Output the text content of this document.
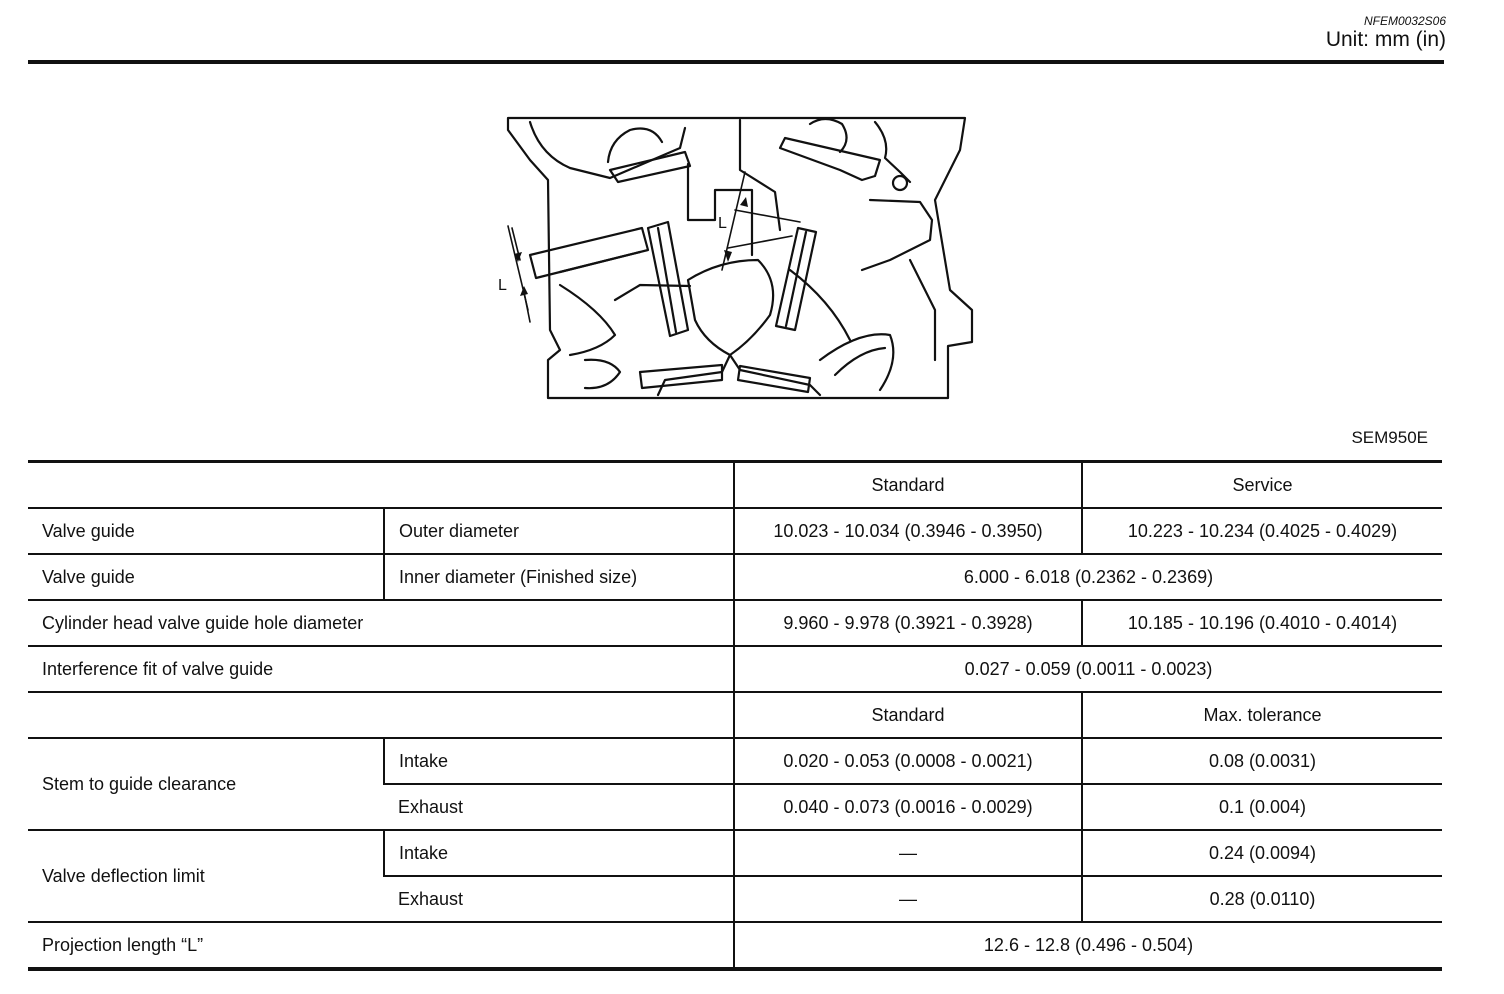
NFEM0032S06
Unit: mm (in)
L
L
SEM950E
		Standard	Service
Valve guide	Outer diameter	10.023 - 10.034 (0.3946 - 0.3950)	10.223 - 10.234 (0.4025 - 0.4029)
Valve guide	Inner diameter (Finished size)	6.000 - 6.018 (0.2362 - 0.2369)	
Cylinder head valve guide hole diameter		9.960 - 9.978 (0.3921 - 0.3928)	10.185 - 10.196 (0.4010 - 0.4014)
Interference fit of valve guide		0.027 - 0.059 (0.0011 - 0.0023)	
		Standard	Max. tolerance
Stem to guide clearance	Intake	0.020 - 0.053 (0.0008 - 0.0021)	0.08 (0.0031)
	Exhaust	0.040 - 0.073 (0.0016 - 0.0029)	0.1 (0.004)
Valve deflection limit	Intake	—	0.24 (0.0094)
	Exhaust	—	0.28 (0.0110)
Projection length “L”		12.6 - 12.8 (0.496 - 0.504)	
